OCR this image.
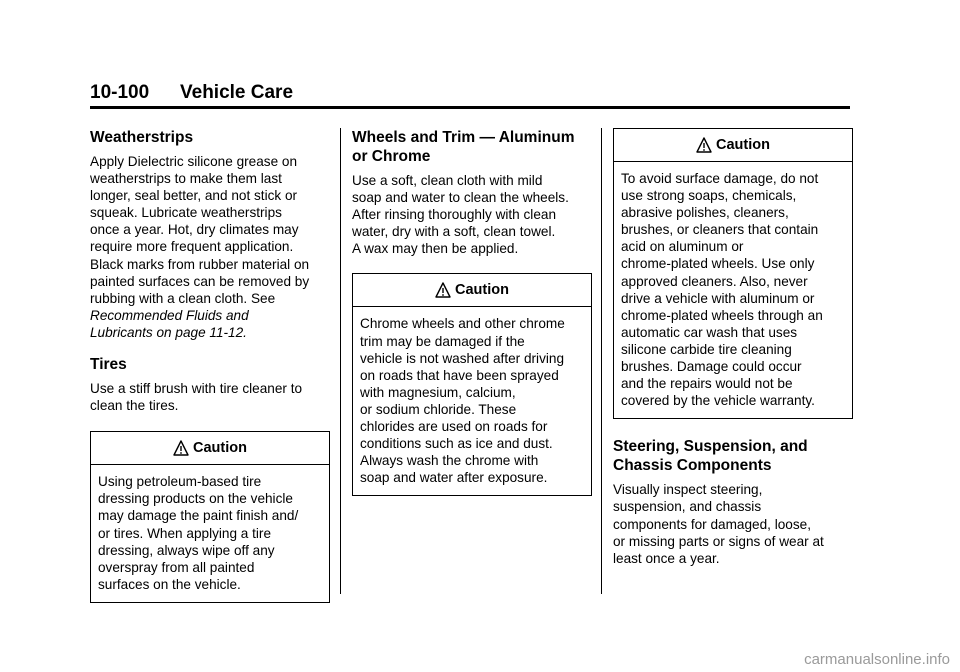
10-100 Vehicle Care
Weatherstrips

Apply Dielectric silicone grease on
weatherstrips to make them last
longer, seal better, and not stick or
squeak. Lubricate weatherstrips
once a year. Hot, dry climates may
require more frequent application.
Black marks from rubber material on
painted surfaces can be removed by
rubbing with a clean cloth. See

Recommended Fluids and
Lubricants on page 11-12.

Tires

Use a stiff brush with tire cleaner to
clean the tires.

Caution
Using petroleum-based tire
dressing products on the vehicle
may damage the paint finish and/
or tires. When applying a tire
dressing, always wipe off any
overspray from all painted
surfaces on the vehicle.
Wheels and Trim — Aluminum
or Chrome

Use a soft, clean cloth with mild
soap and water to clean the wheels.
After rinsing thoroughly with clean
water, dry with a soft, clean towel.
A wax may then be applied.

Caution
Chrome wheels and other chrome
trim may be damaged if the
vehicle is not washed after driving
on roads that have been sprayed
with magnesium, calcium,
or sodium chloride. These
chlorides are used on roads for
conditions such as ice and dust.
Always wash the chrome with
soap and water after exposure.
Caution
To avoid surface damage, do not
use strong soaps, chemicals,
abrasive polishes, cleaners,
brushes, or cleaners that contain
acid on aluminum or
chrome-plated wheels. Use only
approved cleaners. Also, never
drive a vehicle with aluminum or
chrome-plated wheels through an
automatic car wash that uses
silicone carbide tire cleaning
brushes. Damage could occur
and the repairs would not be
covered by the vehicle warranty.
Steering, Suspension, and
Chassis Components

Visually inspect steering,
suspension, and chassis
components for damaged, loose,
or missing parts or signs of wear at
least once a year.

carmanualsonline.info
